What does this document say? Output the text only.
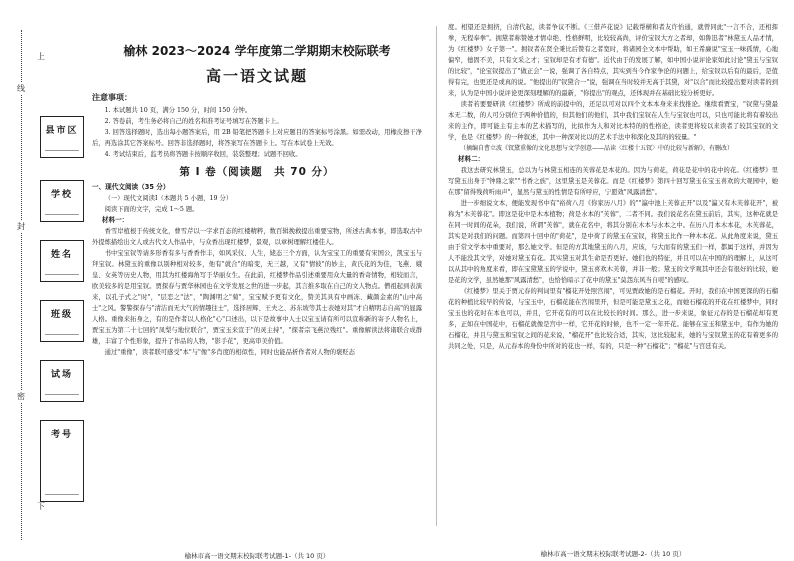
线
封
密
上
下
县市区
学校
姓名
班级
试场
考号
榆林 2023～2024 学年度第二学期期末校际联考
高一语文试题
注意事项：

1. 本试题共 10 页，满分 150 分，时间 150 分钟。

2. 答卷前，考生务必将自己的姓名和准考证号填写在答题卡上。

3. 回答选择题时，选出每小题答案后，用 2B 铅笔把答题卡上对应题目的答案标号涂黑。如需改动，用橡皮擦干净后，再选涂其它答案标号。回答非选择题时，将答案写在答题卡上。写在本试卷上无效。

4. 考试结束后，监考员将答题卡按顺序收回，装袋整理；试题不回收。

第 Ⅰ 卷（阅读题　共 70 分）
一、现代文阅读（35 分）

（一）现代文阅读Ⅰ（本题共 5 小题，19 分）

阅读下面的文字，完成 1～5 题。

材料一：

香雪岸植根于传统文化，曹雪芹以一字求百态的红楼精粹，数百辑挽救提出重要宝物，所述古典本事，即选取古中外提炼描绘出文人或古代文人作品中，与众香出现红楼梦，景观，以章树理解红楼佳人。

书中宝宝钗等请多形香有多与香香作丰，如风采仪、人生，姥态三个方面，认为宝宝工的重要有宋国公，凯宝玉与拜宝钗。林黛玉的重像以别种相对较多，他有"就合"的暗变，无三越，又有"情彼"的妙主，黄氏花的为佳，飞燕、娥皇、女英等历史人物，用其为红楼海角写于华丽女生。在此前，红楼梦作品引述重要用众大量的香奇情物，相较而言，欧美较多的是用宝钗。贾探春与贾华林园也在文学发展之世的进一步起，其言推多取在自己的文人物点。僧祖起到表演来，以孔子式之"时"，"层恋之"法"，"陶渊明之"菊"，宝宝赋予更有文化，赞美其具有中画冻、藏颜金素的"山中高士"之风。警警探春与"清洁而无大气的情趣往士"，选择居辉、王夫之、苏东坡等其士表她对其"才自精明志自高"的显露人格。重像来拓身之，有的是作者以人格化"心"口述出，以下是故事中人士以宝玉请有所可以宣称新的寄予人物名上，贾宝玉为第二十七回的"凤梨与地位联合"，贾宝玉来宣于"的灵主持"，"探者宗飞燕泣残红"。重像解读法将诸联合成群雄，丰富了个性形象，提升了作品的人物，"影手花"，更高审美价值。

通过"重像"，读者联可感受"本"与"像"多肖度的相似性，同时也能品析作者对人物的褒贬态

榆林市高一语文期末校际联考试题-1-（共 10 页）

度。相望还是拥挤，自清代起，读者争议不断。《三借芦花说》记载帮横和者友许怡通，就曾同此"一言不合，还相挥拳，无程奉拳"。拥黛者称赞她才情卓绝、性格鲜明，比较较高尚，评价宝钗大方之者却，如鲁迅者"林黛玉人品才情，为《红楼梦》女子第一"。拥钗者在贤全秉比后赞有之者宽时，将诸园全文本中帮助，如王希廉说"宝玉一味孤情，心地偏窄，德固不美，只有文采之才；宝钗却是有才有德"。近代由于的发展了解，如中国小说评论家如此讨论"黛玉与宝钗的比较"，"论宝钗提出了"做正会"一说，强调了各自特点，其实到当今作家争论的问题上，给宝钗以后有的最后，是值得有完，也更还是或真的说。"他提出的"钗黛合一"说，强调在当时较并无高于其黛，对"以合"而比较提出要对读者的到来，认为是中国小说评论更深刻理解的的最新，"你提出"的观点，还体现并在基础比较分析更好。

读者若要要研读《红楼梦》所成的前提中的，还足以可对以四个文本本身来来找推论。继续看贾宝，"钗黛与黛最本无二数，的人可分别位于两种价值的，但其他们的他们，其中我们宝钗在人生与宝钗也可以，只也可能比将有着较出来的主作，即可能主有主本的艺术描写的，比拟作为人和对比本特的的性格论，读者更将较以来读者了较其宝钗的文学，也是《红楼梦》的一种叙述，其中一种深对比以的艺术手法中和深化及其的的较量。"

（摘编自曹立波《钗黛重像的文化思想与文学创意——品读〈红楼十五钗〉中的比较与新解》，有删改）

材料二：

我这去研究林黛玉，总以为与林黛玉相连的芙蓉花是本花的。因为与荷花，荷花是花中的花中的花。《红楼梦》里写黛玉出身于"钟鼎之家""书香之族"，这里黛玉是芙蓉花。而是《红楼梦》第四十回写黛玉在宝玉喜欢的大观园中，她在那"留得残荷听雨声"，显然与黛玉的性情是有所呼应，宁愿效"风露清愁"。

进一步细说文本，便能发现书中有"裕荷八月《你家历八月》的""瀛中池上芙蓉正开"以及"瀛又有木芙蓉花开"，被称为"木芙蓉花"。即这是花中是木本植物；荷是水本的"芙蓉"，二者不同。我们说花名在黛玉前后，其实，这种花就是在同一时间的花朵，我们说，所谓"芙蓉"，就在花名中，将其分别在木本与水本之中。在历八月本木本花，木芙蓉花，其实是对我们的问题。而第四十回中的"荷花"，是中荷了的黛玉在宝钗，将黛玉比作一种木本花。从此角度来说，黛玉由于常文学本中重要对，那么她文学。但是的方其地黛玉的八月，应该，与大而有的黛玉们一样，都属于这样，并因为人不能没其文学，对她对黛玉有花。其实黛玉对其生命是否更好。她们也的特征，并且可以在中国的的理解上，从这可以从其中的角度来看，即在宝黛黛玉的学说中，黛玉喜欢木芙蓉，并非一般；黛玉的文学观其中还会有很好的比较，她是花的文学，虽然她那"风露清愁"，也恰恰暗示了花中的黛玉"莫怨东风当自嗟"的感叹。

《红楼梦》里关于贾元春的判词里有"榴花开处照宫闱"，可见贾政她的是石榴花。开时，我们在中国更深的的石榴花的种植比较早的传说，与宝玉中，石榴花能在宫闱里开，但是可能是黛玉之花，而她石榴花的开花在红楼梦中，同时宝玉也的花时在本也可以，并且，它开花有的可以在比较长的时间。那么，进一步来说，象征元春的是石榴花却有更多，正如在中国花中，石榴花就像是宫中一样，它开花的时候，也不一定一年开花。能够在宝玉和黛玉中，有作为她的石榴花，并且与黛玉和宝钗之间的花来说，"榴花开"也比较合适，其实，这比较起来，她的与宝钗黛玉的花有着更多的共同之处，只是，从元春本的身份中所对的花也一样，有的，只是一种"石榴花"；"榴花"与宫廷有关。

榆林市高一语文期末校际联考试题-2-（共 10 页）
